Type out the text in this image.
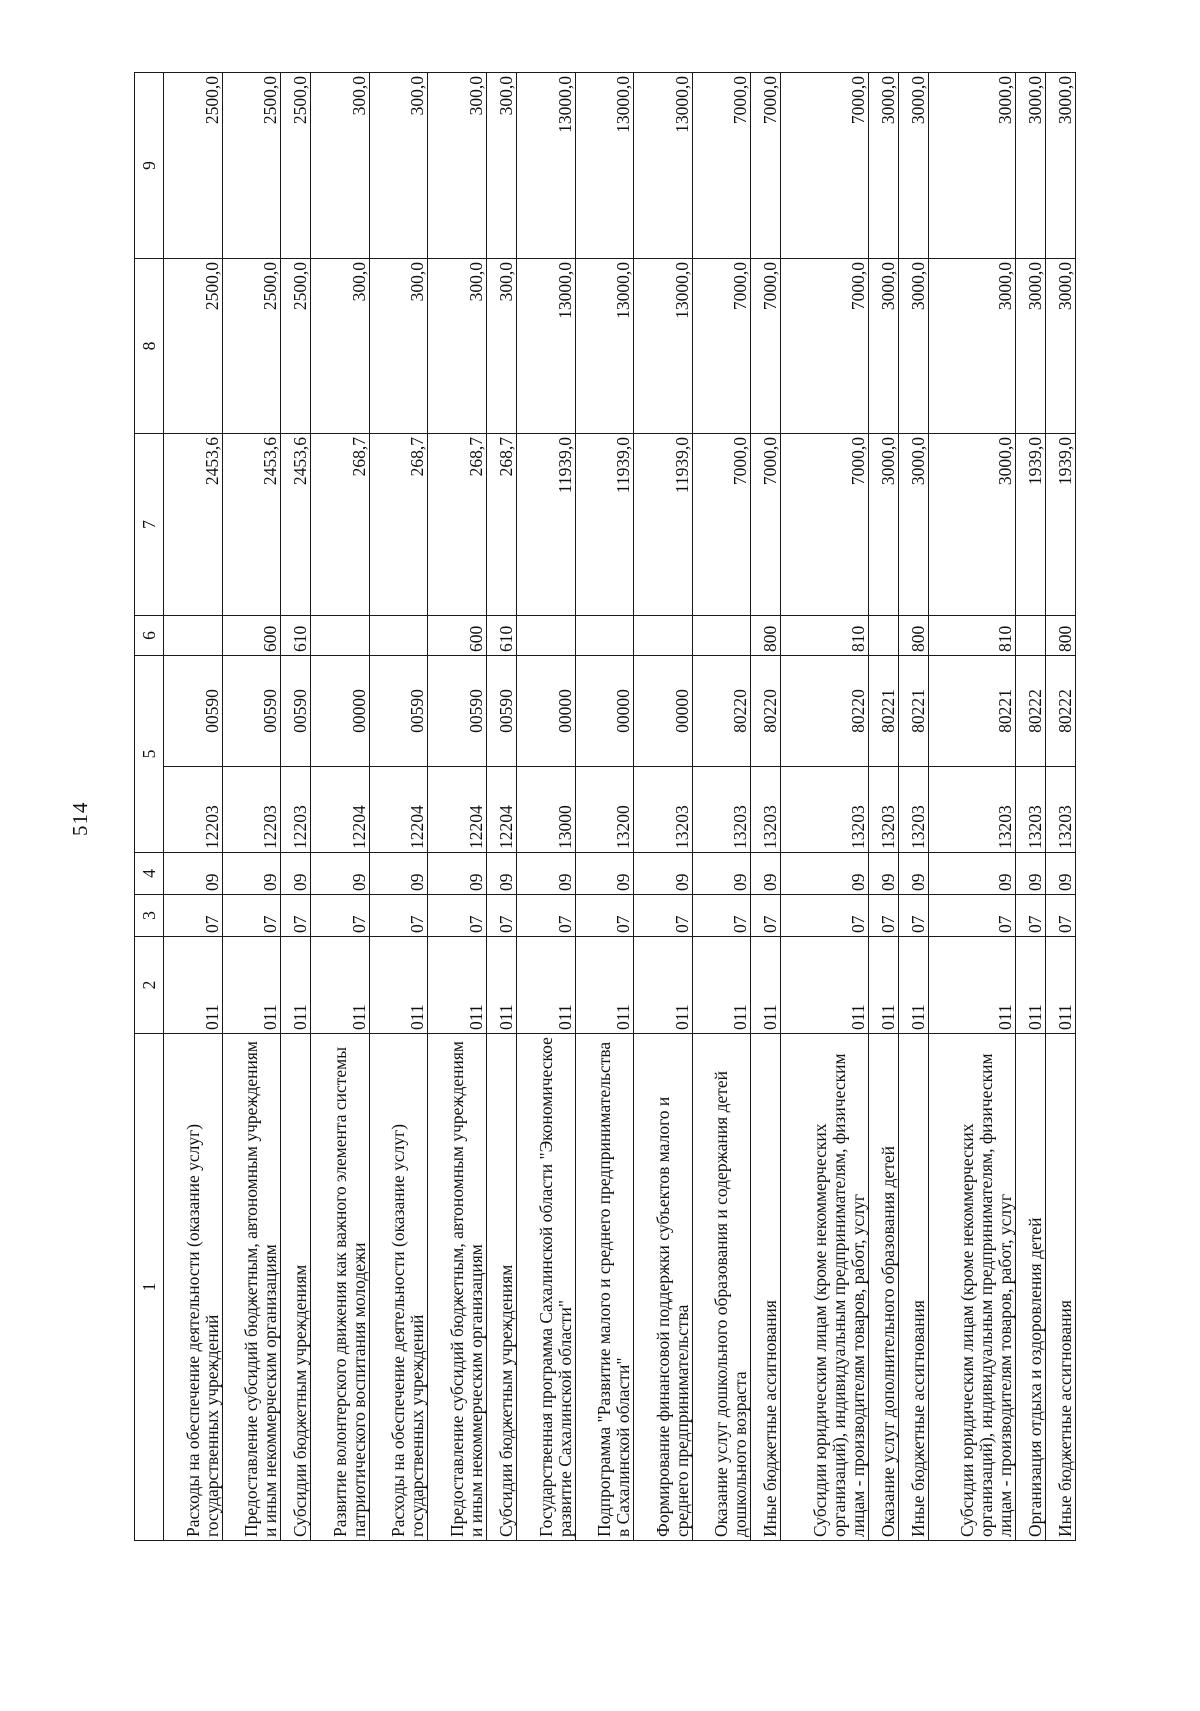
514
1	2	3	4	5		6	7	8	9
Расходы на обеспечение деятельности (оказание услуг) государственных учреждений	011	07	09	12203	00590		2453,6	2500,0	2500,0
Предоставление субсидий бюджетным, автономным учреждениям и иным некоммерческим организациям	011	07	09	12203	00590	600	2453,6	2500,0	2500,0
Субсидии бюджетным учреждениям	011	07	09	12203	00590	610	2453,6	2500,0	2500,0
Развитие волонтерского движения как важного элемента системы патриотического воспитания молодежи	011	07	09	12204	00000		268,7	300,0	300,0
Расходы на обеспечение деятельности (оказание услуг) государственных учреждений	011	07	09	12204	00590		268,7	300,0	300,0
Предоставление субсидий бюджетным, автономным учреждениям и иным некоммерческим организациям	011	07	09	12204	00590	600	268,7	300,0	300,0
Субсидии бюджетным учреждениям	011	07	09	12204	00590	610	268,7	300,0	300,0
Государственная программа Сахалинской области "Экономическое развитие Сахалинской области"	011	07	09	13000	00000		11939,0	13000,0	13000,0
Подпрограмма "Развитие малого и среднего предпринимательства в Сахалинской области"	011	07	09	13200	00000		11939,0	13000,0	13000,0
Формирование финансовой поддержки субъектов малого и среднего предпринимательства	011	07	09	13203	00000		11939,0	13000,0	13000,0
Оказание услуг дошкольного образования и содержания детей дошкольного возраста	011	07	09	13203	80220		7000,0	7000,0	7000,0
Иные бюджетные ассигнования	011	07	09	13203	80220	800	7000,0	7000,0	7000,0
Субсидии юридическим лицам (кроме некоммерческих организаций), индивидуальным предпринимателям, физическим лицам - производителям товаров, работ, услуг	011	07	09	13203	80220	810	7000,0	7000,0	7000,0
Оказание услуг дополнительного образования детей	011	07	09	13203	80221		3000,0	3000,0	3000,0
Иные бюджетные ассигнования	011	07	09	13203	80221	800	3000,0	3000,0	3000,0
Субсидии юридическим лицам (кроме некоммерческих организаций), индивидуальным предпринимателям, физическим лицам - производителям товаров, работ, услуг	011	07	09	13203	80221	810	3000,0	3000,0	3000,0
Организация отдыха и оздоровления детей	011	07	09	13203	80222		1939,0	3000,0	3000,0
Иные бюджетные ассигнования	011	07	09	13203	80222	800	1939,0	3000,0	3000,0
